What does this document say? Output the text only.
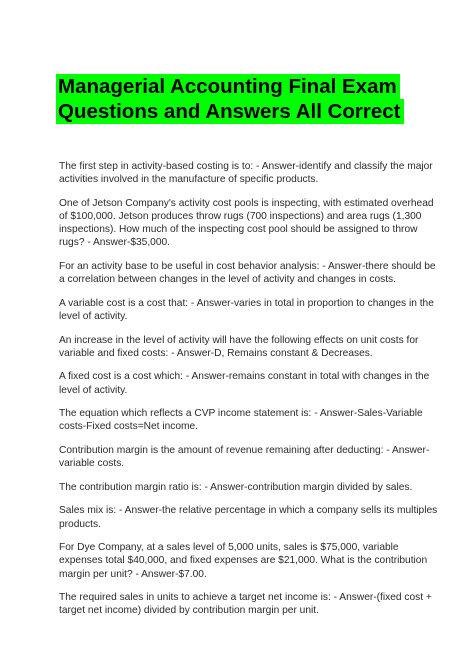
Managerial Accounting Final Exam
Questions and Answers All Correct

The first step in activity-based costing is to: - Answer-identify and classify the major activities involved in the manufacture of specific products.

One of Jetson Company's activity cost pools is inspecting, with estimated overhead of $100,000. Jetson produces throw rugs (700 inspections) and area rugs (1,300 inspections). How much of the inspecting cost pool should be assigned to throw rugs? - Answer-$35,000.

For an activity base to be useful in cost behavior analysis: - Answer-there should be a correlation between changes in the level of activity and changes in costs.

A variable cost is a cost that: - Answer-varies in total in proportion to changes in the level of activity.

An increase in the level of activity will have the following effects on unit costs for variable and fixed costs: - Answer-D, Remains constant & Decreases.

A fixed cost is a cost which: - Answer-remains constant in total with changes in the level of activity.

The equation which reflects a CVP income statement is: - Answer-Sales-Variable costs-Fixed costs=Net income.

Contribution margin is the amount of revenue remaining after deducting: - Answer-variable costs.

The contribution margin ratio is: - Answer-contribution margin divided by sales.

Sales mix is: - Answer-the relative percentage in which a company sells its multiples products.

For Dye Company, at a sales level of 5,000 units, sales is $75,000, variable expenses total $40,000, and fixed expenses are $21,000. What is the contribution margin per unit? - Answer-$7.00.

The required sales in units to achieve a target net income is: - Answer-(fixed cost + target net income) divided by contribution margin per unit.
